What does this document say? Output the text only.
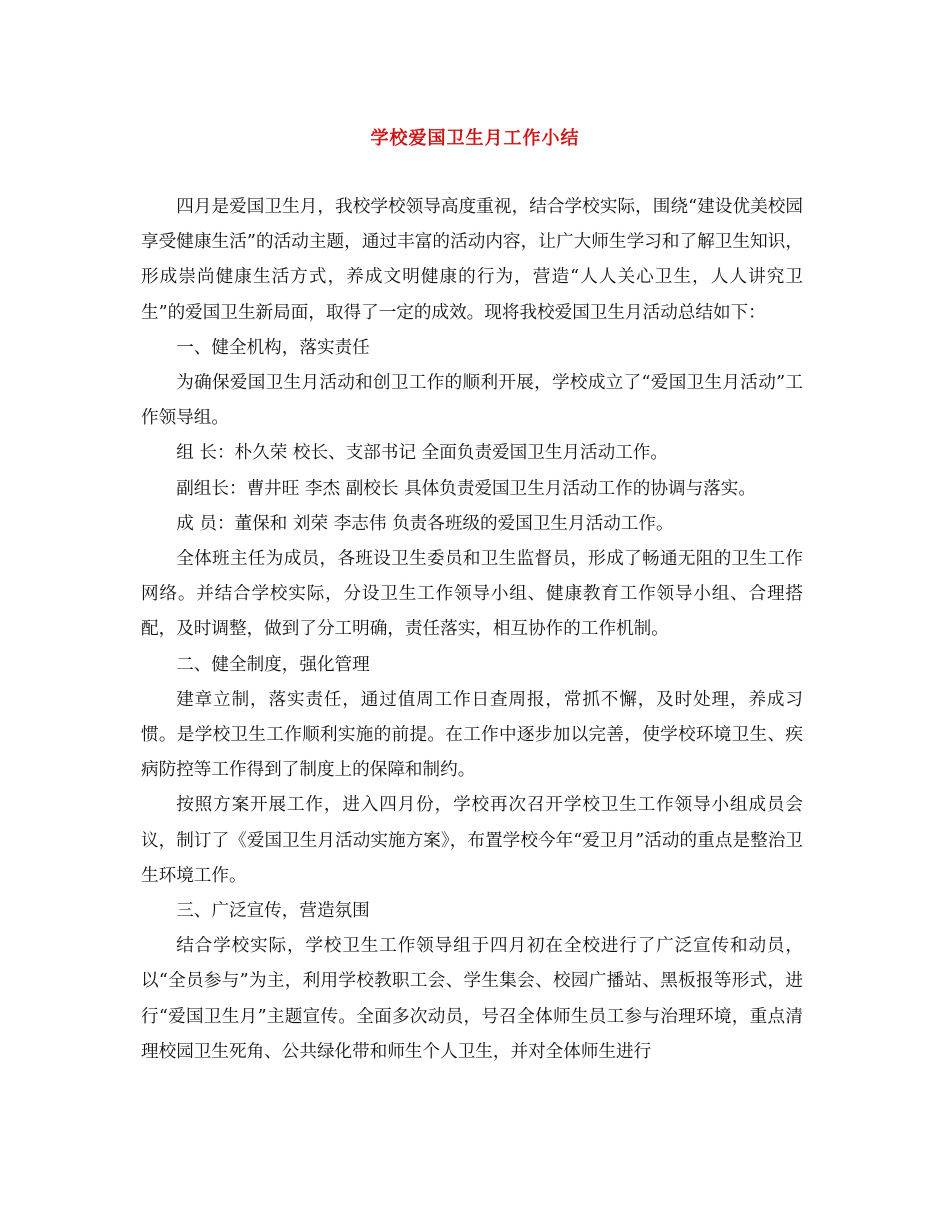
学校爱国卫生月工作小结

四月是爱国卫生月，我校学校领导高度重视，结合学校实际，围绕“建设优美校园享受健康生活”的活动主题，通过丰富的活动内容，让广大师生学习和了解卫生知识，形成崇尚健康生活方式，养成文明健康的行为，营造“人人关心卫生，人人讲究卫生”的爱国卫生新局面，取得了一定的成效。现将我校爱国卫生月活动总结如下：

一、健全机构，落实责任

为确保爱国卫生月活动和创卫工作的顺利开展，学校成立了“爱国卫生月活动”工作领导组。

组 长：朴久荣 校长、支部书记 全面负责爱国卫生月活动工作。

副组长：曹井旺 李杰 副校长 具体负责爱国卫生月活动工作的协调与落实。

成 员：董保和 刘荣 李志伟 负责各班级的爱国卫生月活动工作。

全体班主任为成员，各班设卫生委员和卫生监督员，形成了畅通无阻的卫生工作网络。并结合学校实际，分设卫生工作领导小组、健康教育工作领导小组、合理搭配，及时调整，做到了分工明确，责任落实，相互协作的工作机制。

二、健全制度，强化管理

建章立制，落实责任，通过值周工作日查周报，常抓不懈，及时处理，养成习惯。是学校卫生工作顺利实施的前提。在工作中逐步加以完善，使学校环境卫生、疾病防控等工作得到了制度上的保障和制约。

按照方案开展工作，进入四月份，学校再次召开学校卫生工作领导小组成员会议，制订了《爱国卫生月活动实施方案》，布置学校今年“爱卫月”活动的重点是整治卫生环境工作。

三、广泛宣传，营造氛围

结合学校实际，学校卫生工作领导组于四月初在全校进行了广泛宣传和动员，以“全员参与”为主，利用学校教职工会、学生集会、校园广播站、黑板报等形式，进行“爱国卫生月”主题宣传。全面多次动员，号召全体师生员工参与治理环境，重点清理校园卫生死角、公共绿化带和师生个人卫生，并对全体师生进行
